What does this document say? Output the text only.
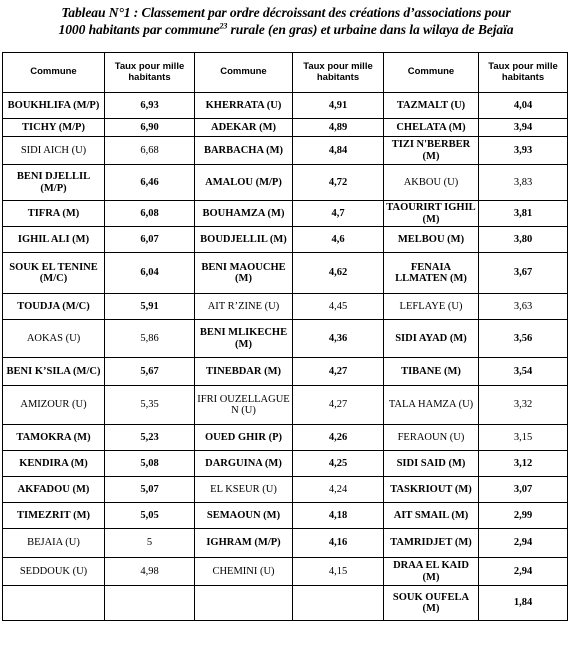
Tableau N°1 : Classement par ordre décroissant des créations d’associations pour
1000 habitants par commune$^{23}$ rurale (en gras) et urbaine dans la wilaya de Bejaïa
Commune	Taux pour mille habitants	Commune	Taux pour mille habitants	Commune	Taux pour mille habitants
BOUKHLIFA (M/P)	6,93	KHERRATA (U)	4,91	TAZMALT (U)	4,04
TICHY (M/P)	6,90	ADEKAR (M)	4,89	CHELATA (M)	3,94
SIDI AICH (U)	6,68	BARBACHA (M)	4,84	TIZI N'BERBER (M)	3,93
BENI DJELLIL (M/P)	6,46	AMALOU (M/P)	4,72	AKBOU (U)	3,83
TIFRA (M)	6,08	BOUHAMZA (M)	4,7	TAOURIRT IGHIL (M)	3,81
IGHIL ALI (M)	6,07	BOUDJELLIL (M)	4,6	MELBOU (M)	3,80
SOUK EL TENINE (M/C)	6,04	BENI MAOUCHE (M)	4,62	FENAIA LLMATEN (M)	3,67
TOUDJA (M/C)	5,91	AIT R’ZINE (U)	4,45	LEFLAYE (U)	3,63
AOKAS (U)	5,86	BENI MLIKECHE (M)	4,36	SIDI AYAD (M)	3,56
BENI K’SILA (M/C)	5,67	TINEBDAR (M)	4,27	TIBANE (M)	3,54
AMIZOUR (U)	5,35	IFRI OUZELLAGUE N (U)	4,27	TALA HAMZA (U)	3,32
TAMOKRA (M)	5,23	OUED GHIR (P)	4,26	FERAOUN (U)	3,15
KENDIRA (M)	5,08	DARGUINA (M)	4,25	SIDI SAID (M)	3,12
AKFADOU (M)	5,07	EL KSEUR (U)	4,24	TASKRIOUT (M)	3,07
TIMEZRIT (M)	5,05	SEMAOUN (M)	4,18	AIT SMAIL (M)	2,99
BEJAIA (U)	5	IGHRAM (M/P)	4,16	TAMRIDJET (M)	2,94
SEDDOUK (U)	4,98	CHEMINI (U)	4,15	DRAA EL KAID (M)	2,94
				SOUK OUFELA (M)	1,84
